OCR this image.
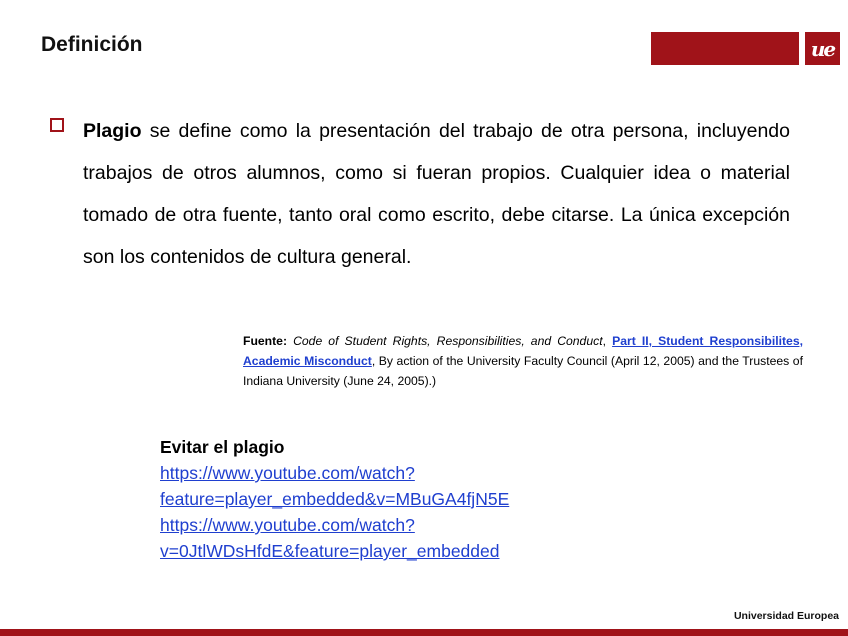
Definición	ue
Plagio se define como la presentación del trabajo de otra persona, incluyendo trabajos de otros alumnos, como si fueran propios. Cualquier idea o material tomado de otra fuente, tanto oral como escrito, debe citarse. La única excepción son los contenidos de cultura general.
Fuente: Code of Student Rights, Responsibilities, and Conduct, Part II, Student Responsibilites, Academic Misconduct, By action of the University Faculty Council (April 12, 2005) and the Trustees of Indiana University (June 24, 2005).)
Evitar el plagio
https://www.youtube.com/watch?feature=player_embedded&v=MBuGA4fjN5E
https://www.youtube.com/watch?v=0JtlWDsHfdE&feature=player_embedded
Universidad Europea
